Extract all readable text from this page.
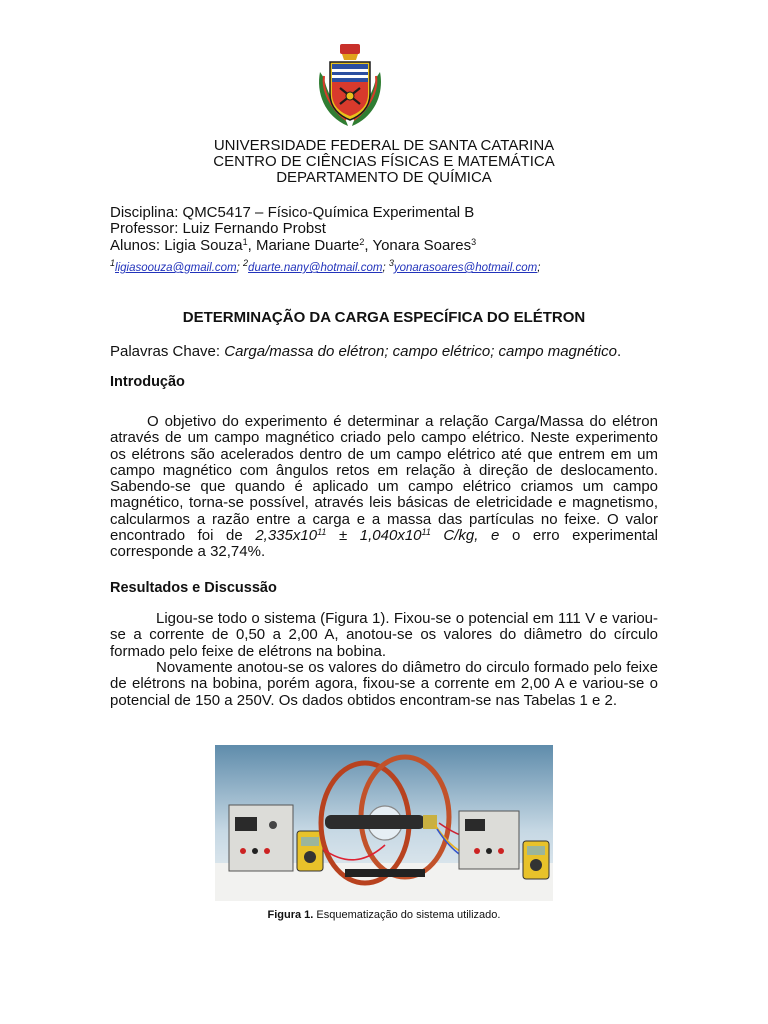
UNIVERSIDADE FEDERAL DE SANTA CATARINA
CENTRO DE CIÊNCIAS FÍSICAS E MATEMÁTICA
DEPARTAMENTO DE QUÍMICA
Disciplina: QMC5417 – Físico-Química Experimental B
Professor: Luiz Fernando Probst
Alunos: Ligia Souza$^1$, Mariane Duarte$^2$, Yonara Soares$^3$
$^1$ligiasoouza@gmail.com; $^2$duarte.nany@hotmail.com; $^3$yonarasoares@hotmail.com;
DETERMINAÇÃO DA CARGA ESPECÍFICA DO ELÉTRON
Palavras Chave: Carga/massa do elétron; campo elétrico; campo magnético.
Introdução

O objetivo do experimento é determinar a relação Carga/Massa do elétron através de um campo magnético criado pelo campo elétrico. Neste experimento os elétrons são acelerados dentro de um campo elétrico até que entrem em um campo magnético com ângulos retos em relação à direção de deslocamento. Sabendo-se que quando é aplicado um campo elétrico criamos um campo magnético, torna-se possível, através leis básicas de eletricidade e magnetismo, calcularmos a razão entre a carga e a massa das partículas no feixe. O valor encontrado foi de $2,335x10^{11} \pm 1,040x10^{11}$ C/kg, e o erro experimental corresponde a 32,74%.

Resultados e Discussão

Ligou-se todo o sistema (Figura 1). Fixou-se o potencial em 111 V e variou-se a corrente de 0,50 a 2,00 A, anotou-se os valores do diâmetro do círculo formado pelo feixe de elétrons na bobina.

Novamente anotou-se os valores do diâmetro do circulo formado pelo feixe de elétrons na bobina, porém agora, fixou-se a corrente em 2,00 A e variou-se o potencial de 150 a 250V. Os dados obtidos encontram-se nas Tabelas 1 e 2.

Figura 1. Esquematização do sistema utilizado.
